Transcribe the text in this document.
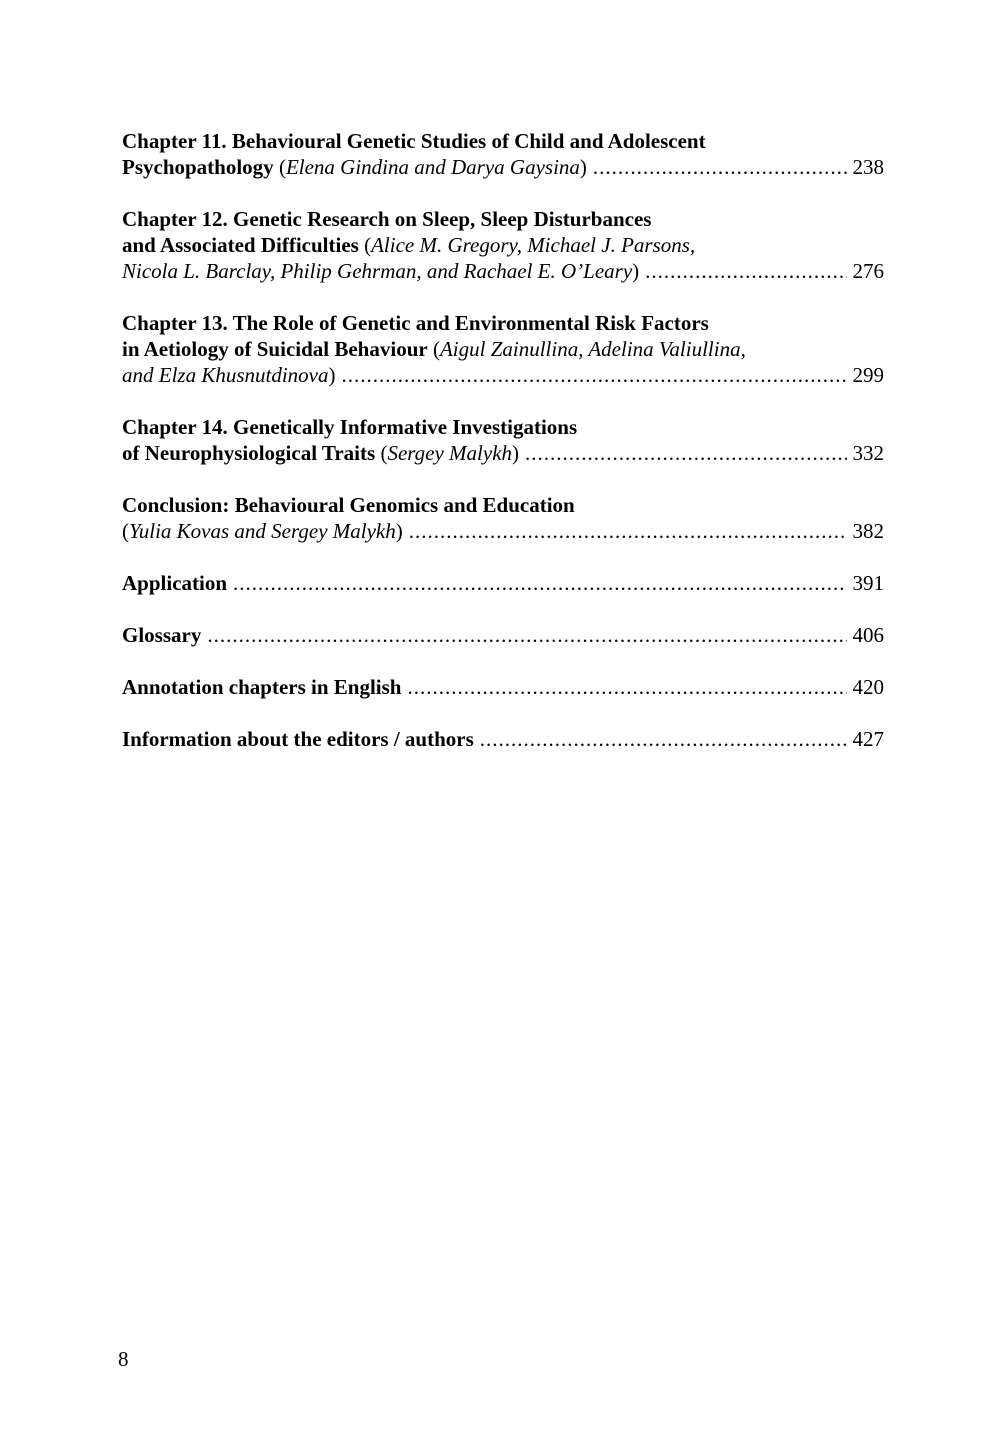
Chapter 11. Behavioural Genetic Studies of Child and Adolescent
Psychopathology (Elena Gindina and Darya Gaysina) .....	238
Chapter 12. Genetic Research on Sleep, Sleep Disturbances
and Associated Difficulties (Alice M. Gregory, Michael J. Parsons,
Nicola L. Barclay, Philip Gehrman, and Rachael E. O’Leary) .....	276
Chapter 13. The Role of Genetic and Environmental Risk Factors
in Aetiology of Suicidal Behaviour (Aigul Zainullina, Adelina Valiullina,
and Elza Khusnutdinova) .....	299
Chapter 14. Genetically Informative Investigations
of Neurophysiological Traits (Sergey Malykh) .....	332
Conclusion: Behavioural Genomics and Education
(Yulia Kovas and Sergey Malykh) .....	382
Application .....	391
Glossary .....	406
Annotation chapters in English .....	420
Information about the editors / authors .....	427
8
